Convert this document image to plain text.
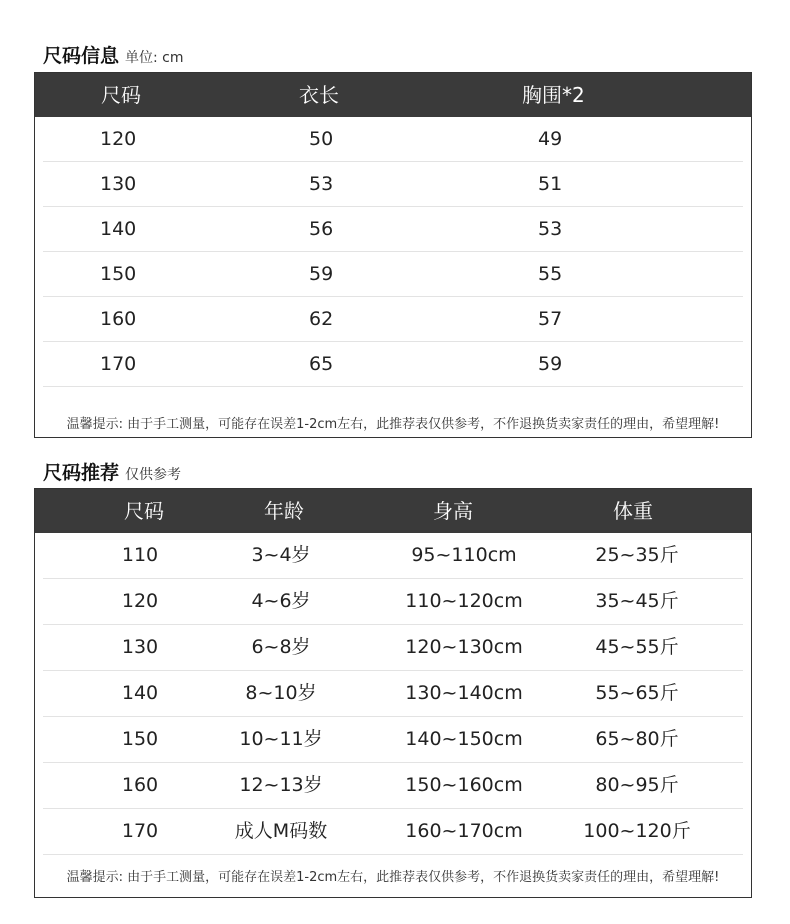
尺码信息 单位: cm
尺码	衣长	胸围*2
120	50	49
130	53	51
140	56	53
150	59	55
160	62	57
170	65	59
温馨提示: 由于手工测量，可能存在误差1-2cm左右，此推荐表仅供参考，不作退换货卖家责任的理由，希望理解!
尺码推荐 仅供参考
尺码	年龄	身高	体重
110	3~4岁	95~110cm	25~35斤
120	4~6岁	110~120cm	35~45斤
130	6~8岁	120~130cm	45~55斤
140	8~10岁	130~140cm	55~65斤
150	10~11岁	140~150cm	65~80斤
160	12~13岁	150~160cm	80~95斤
170	成人M码数	160~170cm	100~120斤
温馨提示: 由于手工测量，可能存在误差1-2cm左右，此推荐表仅供参考，不作退换货卖家责任的理由，希望理解!
